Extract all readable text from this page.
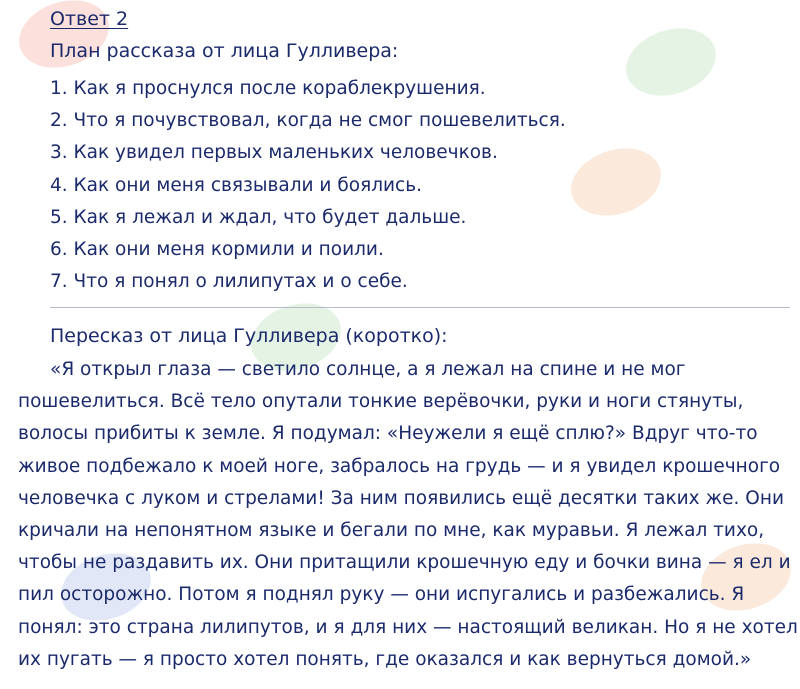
Ответ 2
План рассказа от лица Гулливера:
1. Как я проснулся после кораблекрушения.
2. Что я почувствовал, когда не смог пошевелиться.
3. Как увидел первых маленьких человечков.
4. Как они меня связывали и боялись.
5. Как я лежал и ждал, что будет дальше.
6. Как они меня кормили и поили.
7. Что я понял о лилипутах и о себе.
Пересказ от лица Гулливера (коротко):

«Я открыл глаза — светило солнце, а я лежал на спине и не мог
пошевелиться. Всё тело опутали тонкие верёвочки, руки и ноги стянуты,
волосы прибиты к земле. Я подумал: «Неужели я ещё сплю?» Вдруг что-то
живое подбежало к моей ноге, забралось на грудь — и я увидел крошечного
человечка с луком и стрелами! За ним появились ещё десятки таких же. Они
кричали на непонятном языке и бегали по мне, как муравьи. Я лежал тихо,
чтобы не раздавить их. Они притащили крошечную еду и бочки вина — я ел и
пил осторожно. Потом я поднял руку — они испугались и разбежались. Я
понял: это страна лилипутов, и я для них — настоящий великан. Но я не хотел
их пугать — я просто хотел понять, где оказался и как вернуться домой.»
